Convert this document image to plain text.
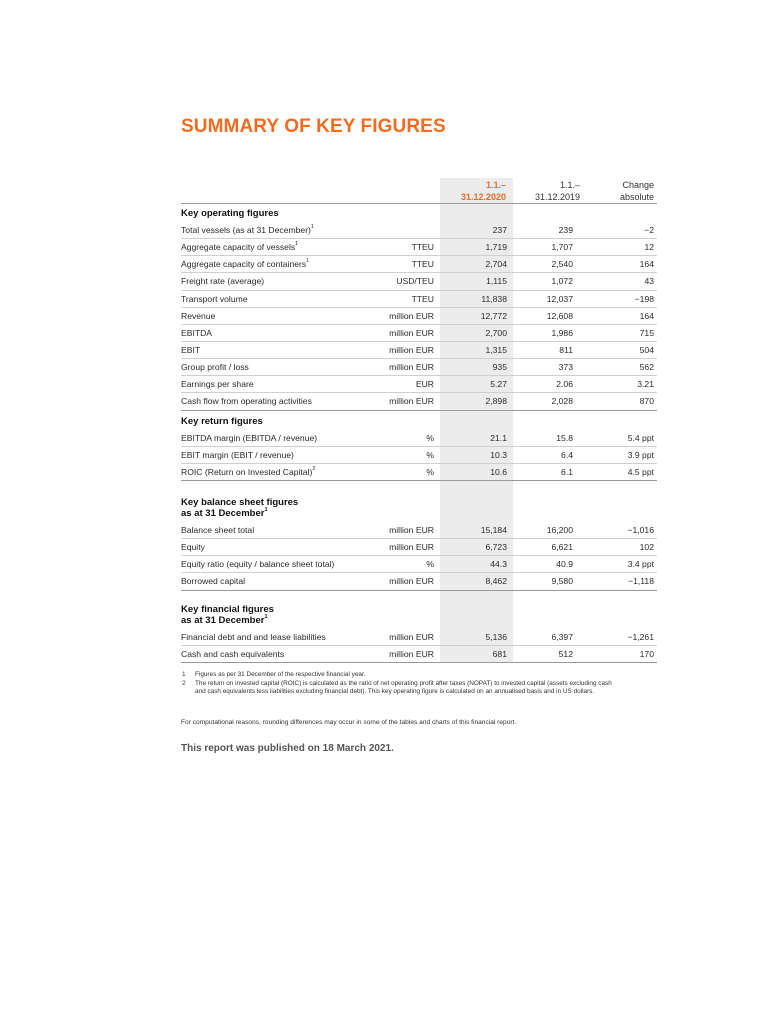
SUMMARY OF KEY FIGURES
1.1.–
31.12.2020
1.1.–
31.12.2019
Change
absolute
Key operating figures
Total vessels (as at 31 December)$^1$	237	239	−2
Aggregate capacity of vessels$^1$	TTEU	1,719	1,707	12
Aggregate capacity of containers$^1$	TTEU	2,704	2,540	164
Freight rate (average)	USD/TEU	1,115	1,072	43
Transport volume	TTEU	11,838	12,037	−198
Revenue	million EUR	12,772	12,608	164
EBITDA	million EUR	2,700	1,986	715
EBIT	million EUR	1,315	811	504
Group profit / loss	million EUR	935	373	562
Earnings per share	EUR	5.27	2.06	3.21
Cash flow from operating activities	million EUR	2,898	2,028	870
Key return figures
EBITDA margin (EBITDA / revenue)	%	21.1	15.8	5.4 ppt
EBIT margin (EBIT / revenue)	%	10.3	6.4	3.9 ppt
ROIC (Return on Invested Capital)$^2$	%	10.6	6.1	4.5 ppt
Key balance sheet figures
as at 31 December$^1$
Balance sheet total	million EUR	15,184	16,200	−1,016
Equity	million EUR	6,723	6,621	102
Equity ratio (equity / balance sheet total)	%	44.3	40.9	3.4 ppt
Borrowed capital	million EUR	8,462	9,580	−1,118
Key financial figures
as at 31 December$^1$
Financial debt and and lease liabilities	million EUR	5,136	6,397	−1,261
Cash and cash equivalents	million EUR	681	512	170
1 Figures as per 31 December of the respective financial year.
2 The return on invested capital (ROIC) is calculated as the ratio of net operating profit after taxes (NOPAT) to invested capital (assets excluding cash and cash equivalents less liabilities excluding financial debt). This key operating figure is calculated on an annualised basis and in US dollars.
For computational reasons, rounding differences may occur in some of the tables and charts of this financial report.
This report was published on 18 March 2021.
